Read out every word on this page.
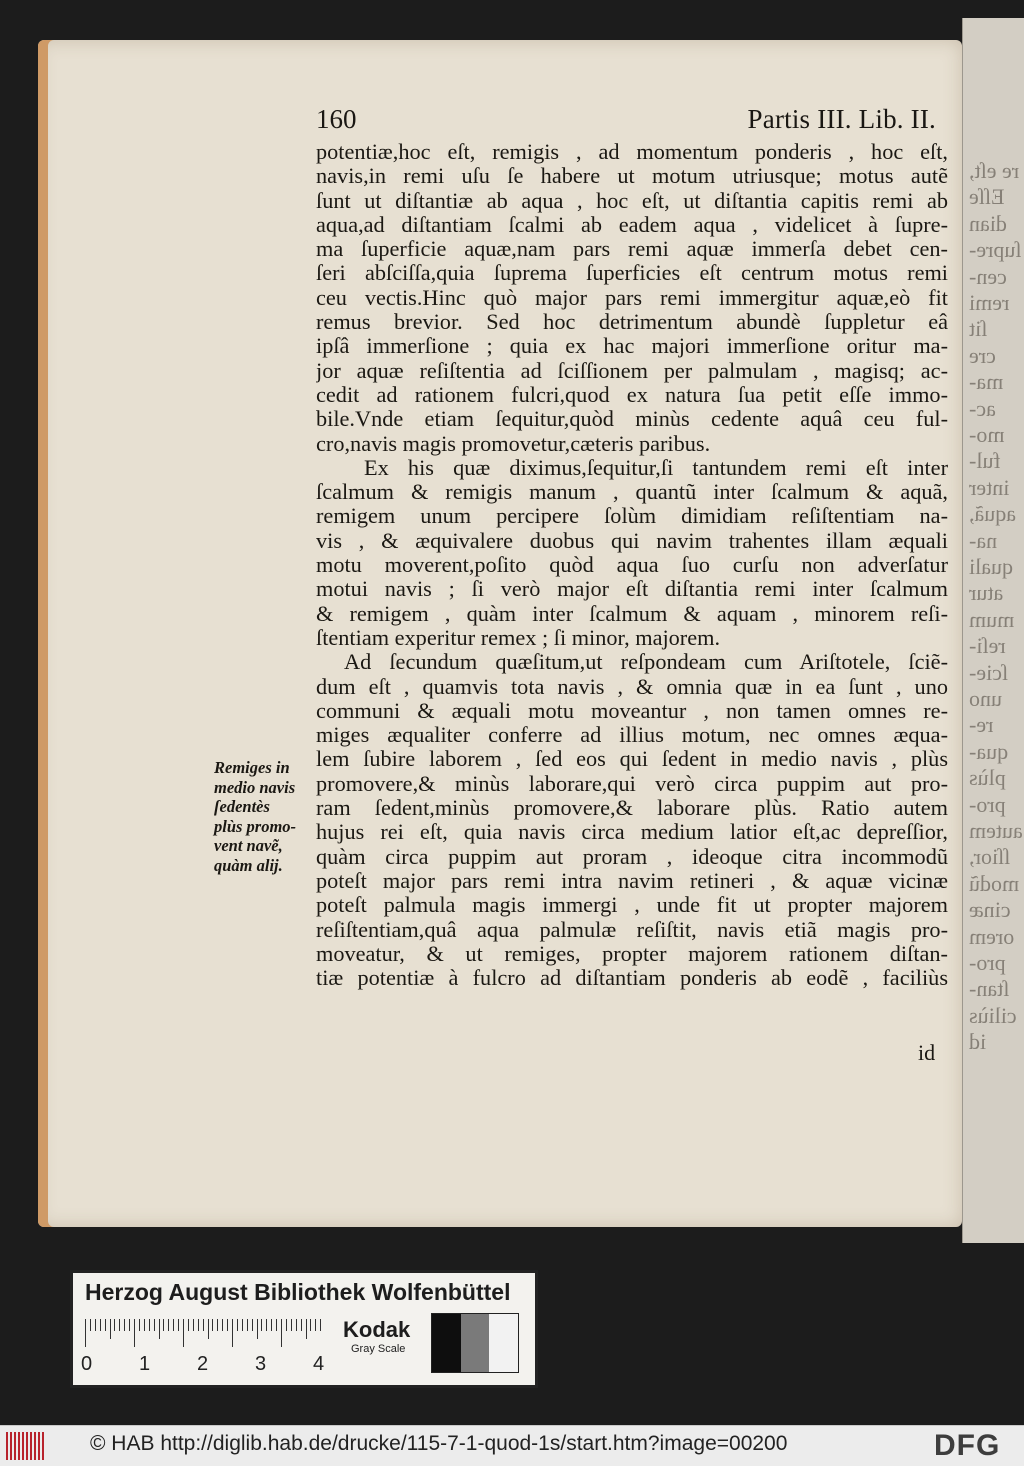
re eſt,
Eſſe
dian
ſupre-
cen-
remi
ſit
cre
ma-
ac-
mo-
ful-
inter
aquã,
na-
quali
atur
mum
reſi-
ſcie-
uno
re-
qua-
plùs
pro-
autem
ſſior,
modũ
cinæ
orem
pro-
ſtan-
ciliùs
id
160	Partis III. Lib. II.
potentiæ,hoc eſt, remigis , ad momentum ponderis , hoc eſt,
navis,in remi uſu ſe habere ut motum utriusque; motus autẽ
ſunt ut diſtantiæ ab aqua , hoc eſt, ut diſtantia capitis remi ab
aqua,ad diſtantiam ſcalmi ab eadem aqua , videlicet à ſupre-
ma ſuperficie aquæ,nam pars remi aquæ immerſa debet cen-
ſeri abſciſſa,quia ſuprema ſuperficies eſt centrum motus remi
ceu vectis.Hinc quò major pars remi immergitur aquæ,eò fit
remus brevior. Sed hoc detrimentum abundè ſuppletur eâ
ipſâ immerſione ; quia ex hac majori immerſione oritur ma-
jor aquæ reſiſtentia ad ſciſſionem per palmulam , magisq; ac-
cedit ad rationem fulcri,quod ex natura ſua petit eſſe immo-
bile.Vnde etiam ſequitur,quòd minùs cedente aquâ ceu ful-
cro,navis magis promovetur,cæteris paribus.
Ex his quæ diximus,ſequitur,ſi tantundem remi eſt inter
ſcalmum & remigis manum , quantũ inter ſcalmum & aquã,
remigem unum percipere ſolùm dimidiam reſiſtentiam na-
vis , & æquivalere duobus qui navim trahentes illam æquali
motu moverent,poſito quòd aqua ſuo curſu non adverſatur
motui navis ; ſi verò major eſt diſtantia remi inter ſcalmum
& remigem , quàm inter ſcalmum & aquam , minorem reſi-
ſtentiam experitur remex ; ſi minor, majorem.
Ad ſecundum quæſitum,ut reſpondeam cum Ariſtotele, ſciẽ-
dum eſt , quamvis tota navis , & omnia quæ in ea ſunt , uno
communi & æquali motu moveantur , non tamen omnes re-
miges æqualiter conferre ad illius motum, nec omnes æqua-
lem ſubire laborem , ſed eos qui ſedent in medio navis , plùs
promovere,& minùs laborare,qui verò circa puppim aut pro-
ram ſedent,minùs promovere,& laborare plùs. Ratio autem
hujus rei eſt, quia navis circa medium latior eſt,ac depreſſior,
quàm circa puppim aut proram , ideoque citra incommodũ
poteſt major pars remi intra navim retineri , & aquæ vicinæ
poteſt palmula magis immergi , unde fit ut propter majorem
reſiſtentiam,quâ aqua palmulæ reſiſtit, navis etiã magis pro-
moveatur, & ut remiges, propter majorem rationem diſtan-
tiæ potentiæ à fulcro ad diſtantiam ponderis ab eodẽ , faciliùs
Remiges in
medio navis
ſedentès
plùs promo-
vent navẽ,
quàm alij.
id
Herzog August Bibliothek Wolfenbüttel
0 1 2 3 4
Kodak
Gray Scale
© HAB http://diglib.hab.de/drucke/115-7-1-quod-1s/start.htm?image=00200	DFG
